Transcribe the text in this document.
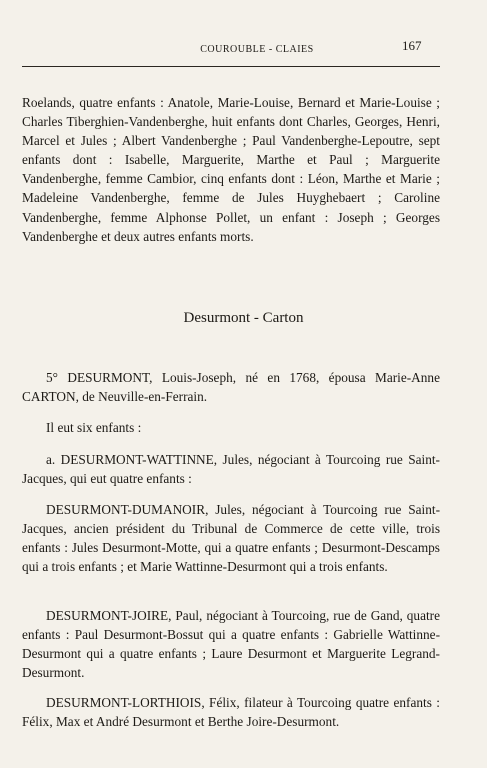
COUROUBLE - CLAIES	167

Roelands, quatre enfants : Anatole, Marie-Louise, Bernard et Marie-Louise ; Charles Tiberghien-Vandenberghe, huit enfants dont Charles, Georges, Henri, Marcel et Jules ; Albert Vandenberghe ; Paul Vandenberghe-Lepoutre, sept enfants dont : Isabelle, Marguerite, Marthe et Paul ; Marguerite Vandenberghe, femme Cambior, cinq enfants dont : Léon, Marthe et Marie ; Madeleine Vandenberghe, femme de Jules Huyghebaert ; Caroline Vandenberghe, femme Alphonse Pollet, un enfant : Joseph ; Georges Vandenberghe et deux autres enfants morts.

Desurmont - Carton

5° DESURMONT, Louis-Joseph, né en 1768, épousa Marie-Anne CARTON, de Neuville-en-Ferrain.

Il eut six enfants :

a. DESURMONT-WATTINNE, Jules, négociant à Tourcoing rue Saint-Jacques, qui eut quatre enfants :

DESURMONT-DUMANOIR, Jules, négociant à Tourcoing rue Saint-Jacques, ancien président du Tribunal de Commerce de cette ville, trois enfants : Jules Desurmont-Motte, qui a quatre enfants ; Desurmont-Descamps qui a trois enfants ; et Marie Wattinne-Desurmont qui a trois enfants.

DESURMONT-JOIRE, Paul, négociant à Tourcoing, rue de Gand, quatre enfants : Paul Desurmont-Bossut qui a quatre enfants : Gabrielle Wattinne-Desurmont qui a quatre enfants ; Laure Desurmont et Marguerite Legrand-Desurmont.

DESURMONT-LORTHIOIS, Félix, filateur à Tourcoing quatre enfants : Félix, Max et André Desurmont et Berthe Joire-Desurmont.
